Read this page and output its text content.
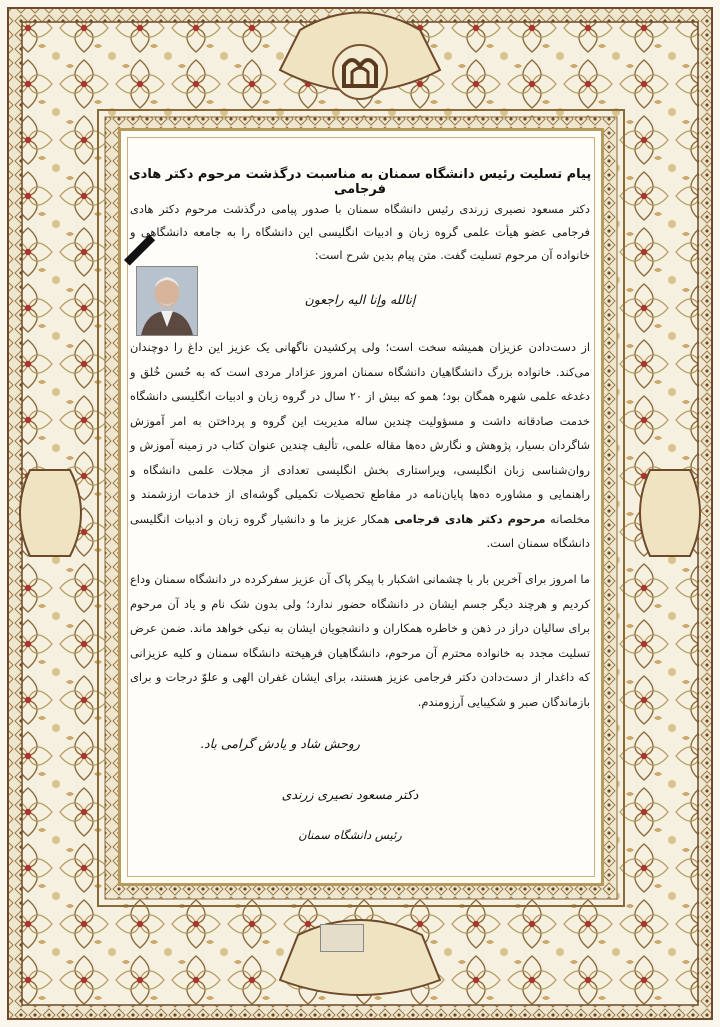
پیام تسلیت رئیس دانشگاه سمنان به مناسبت درگذشت مرحوم دکتر هادی فرجامی
دکتر مسعود نصیری زرندی رئیس دانشگاه سمنان با صدور پیامی درگذشت مرحوم دکتر هادی فرجامی عضو هیأت علمی گروه زبان و ادبیات انگلیسی این دانشگاه را به جامعه دانشگاهی و خانواده آن مرحوم تسلیت گفت. متن پیام بدین شرح است:
إنالله وإنا اليه راجعون
از دست‌دادن عزیزان همیشه سخت است؛ ولی پرکشیدن ناگهانی یک عزیز این داغ را دوچندان می‌کند. خانواده بزرگ دانشگاهیان دانشگاه سمنان امروز عزادار مردی است که به حُسن خُلق و دغدغه علمی شهره همگان بود؛ همو که بیش از ۲۰ سال در گروه زبان و ادبیات انگلیسی دانشگاه خدمت صادقانه داشت و مسؤولیت چندین ساله مدیریت این گروه و پرداختن به امر آموزش شاگردان بسیار، پژوهش و نگارش ده‌ها مقاله علمی، تألیف چندین عنوان کتاب در زمینه آموزش و روان‌شناسی زبان انگلیسی، ویراستاری بخش انگلیسی تعدادی از مجلات علمی دانشگاه و راهنمایی و مشاوره ده‌ها پایان‌نامه در مقاطع تحصیلات تکمیلی گوشه‌ای از خدمات ارزشمند و مخلصانه مرحوم دکتر هادی فرجامی همکار عزیز ما و دانشیار گروه زبان و ادبیات انگلیسی دانشگاه سمنان است.
ما امروز برای آخرین بار با چشمانی اشکبار با پیکر پاک آن عزیز سفرکرده در دانشگاه سمنان وداع کردیم و هرچند دیگر جسم ایشان در دانشگاه حضور ندارد؛ ولی بدون شک نام و یاد آن مرحوم برای سالیان دراز در ذهن و خاطره همکاران و دانشجویان ایشان به نیکی خواهد ماند. ضمن عرض تسلیت مجدد به خانواده محترم آن مرحوم، دانشگاهیان فرهیخته دانشگاه سمنان و کلیه عزیزانی که داغدار از دست‌دادن دکتر فرجامی عزیز هستند، برای ایشان غفران الهی و علوّ درجات و برای بازماندگان صبر و شکیبایی آرزومندم.
روحش شاد و یادش گرامی باد.
دکتر مسعود نصیری زرندی
رئیس دانشگاه سمنان
